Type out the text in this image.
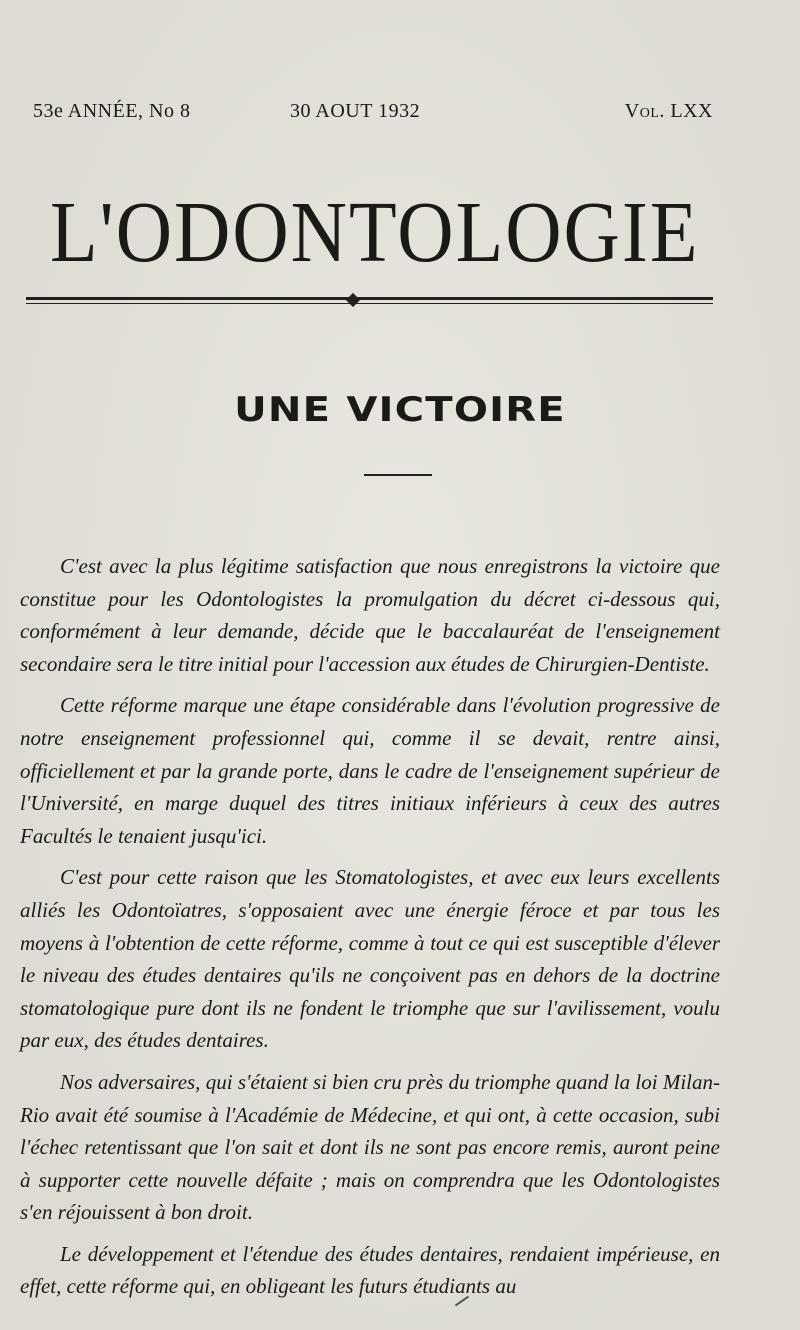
53e ANNÉE, No 8	30 AOUT 1932	Vol. LXX
L'ODONTOLOGIE
UNE VICTOIRE

C'est avec la plus légitime satisfaction que nous enregistrons la victoire que constitue pour les Odontologistes la promulgation du décret ci-dessous qui, conformément à leur demande, décide que le baccalauréat de l'enseignement secondaire sera le titre initial pour l'accession aux études de Chirurgien-Dentiste.

Cette réforme marque une étape considérable dans l'évolution progressive de notre enseignement professionnel qui, comme il se devait, rentre ainsi, officiellement et par la grande porte, dans le cadre de l'enseignement supérieur de l'Université, en marge duquel des titres initiaux inférieurs à ceux des autres Facultés le tenaient jusqu'ici.

C'est pour cette raison que les Stomatologistes, et avec eux leurs excellents alliés les Odontoïatres, s'opposaient avec une énergie féroce et par tous les moyens à l'obtention de cette réforme, comme à tout ce qui est susceptible d'élever le niveau des études dentaires qu'ils ne conçoivent pas en dehors de la doctrine stomatologique pure dont ils ne fondent le triomphe que sur l'avilissement, voulu par eux, des études dentaires.

Nos adversaires, qui s'étaient si bien cru près du triomphe quand la loi Milan-Rio avait été soumise à l'Académie de Médecine, et qui ont, à cette occasion, subi l'échec retentissant que l'on sait et dont ils ne sont pas encore remis, auront peine à supporter cette nouvelle défaite ; mais on comprendra que les Odontologistes s'en réjouissent à bon droit.

Le développement et l'étendue des études dentaires, rendaient impérieuse, en effet, cette réforme qui, en obligeant les futurs étudiants au
